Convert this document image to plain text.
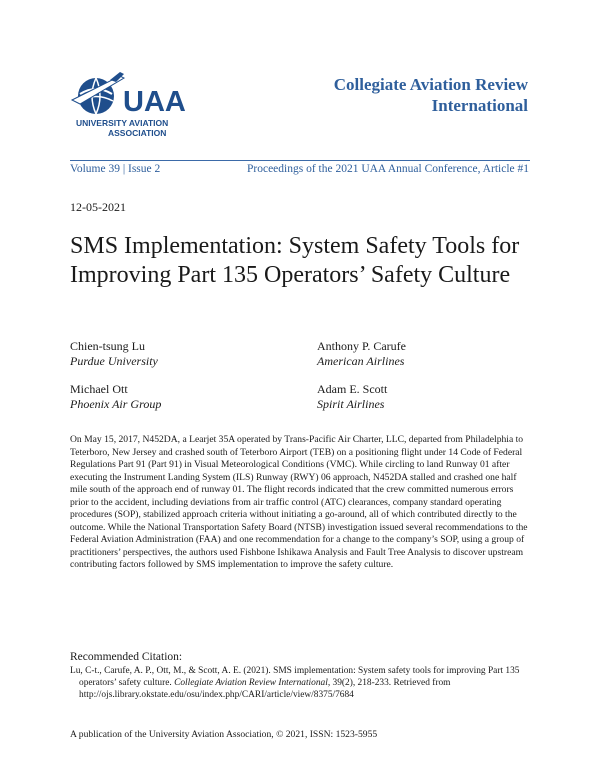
UAA
UNIVERSITY AVIATION
ASSOCIATION
Collegiate Aviation Review
International
Volume 39 | Issue 2	Proceedings of the 2021 UAA Annual Conference, Article #1
12-05-2021
SMS Implementation: System Safety Tools for Improving Part 135 Operators’ Safety Culture

Chien-tsung Lu

Purdue University

Anthony P. Carufe

American Airlines

Michael Ott

Phoenix Air Group

Adam E. Scott

Spirit Airlines

On May 15, 2017, N452DA, a Learjet 35A operated by Trans-Pacific Air Charter, LLC, departed from Philadelphia to Teterboro, New Jersey and crashed south of Teterboro Airport (TEB) on a positioning flight under 14 Code of Federal Regulations Part 91 (Part 91) in Visual Meteorological Conditions (VMC). While circling to land Runway 01 after executing the Instrument Landing System (ILS) Runway (RWY) 06 approach, N452DA stalled and crashed one half mile south of the approach end of runway 01. The flight records indicated that the crew committed numerous errors prior to the accident, including deviations from air traffic control (ATC) clearances, company standard operating procedures (SOP), stabilized approach criteria without initiating a go-around, all of which contributed directly to the outcome. While the National Transportation Safety Board (NTSB) investigation issued several recommendations to the Federal Aviation Administration (FAA) and one recommendation for a change to the company’s SOP, using a group of practitioners’ perspectives, the authors used Fishbone Ishikawa Analysis and Fault Tree Analysis to discover upstream contributing factors followed by SMS implementation to improve the safety culture.
Recommended Citation:
Lu, C-t., Carufe, A. P., Ott, M., & Scott, A. E. (2021). SMS implementation: System safety tools for improving Part 135 operators’ safety culture. Collegiate Aviation Review International, 39(2), 218-233. Retrieved from http://ojs.library.okstate.edu/osu/index.php/CARI/article/view/8375/7684
A publication of the University Aviation Association, © 2021, ISSN: 1523-5955
